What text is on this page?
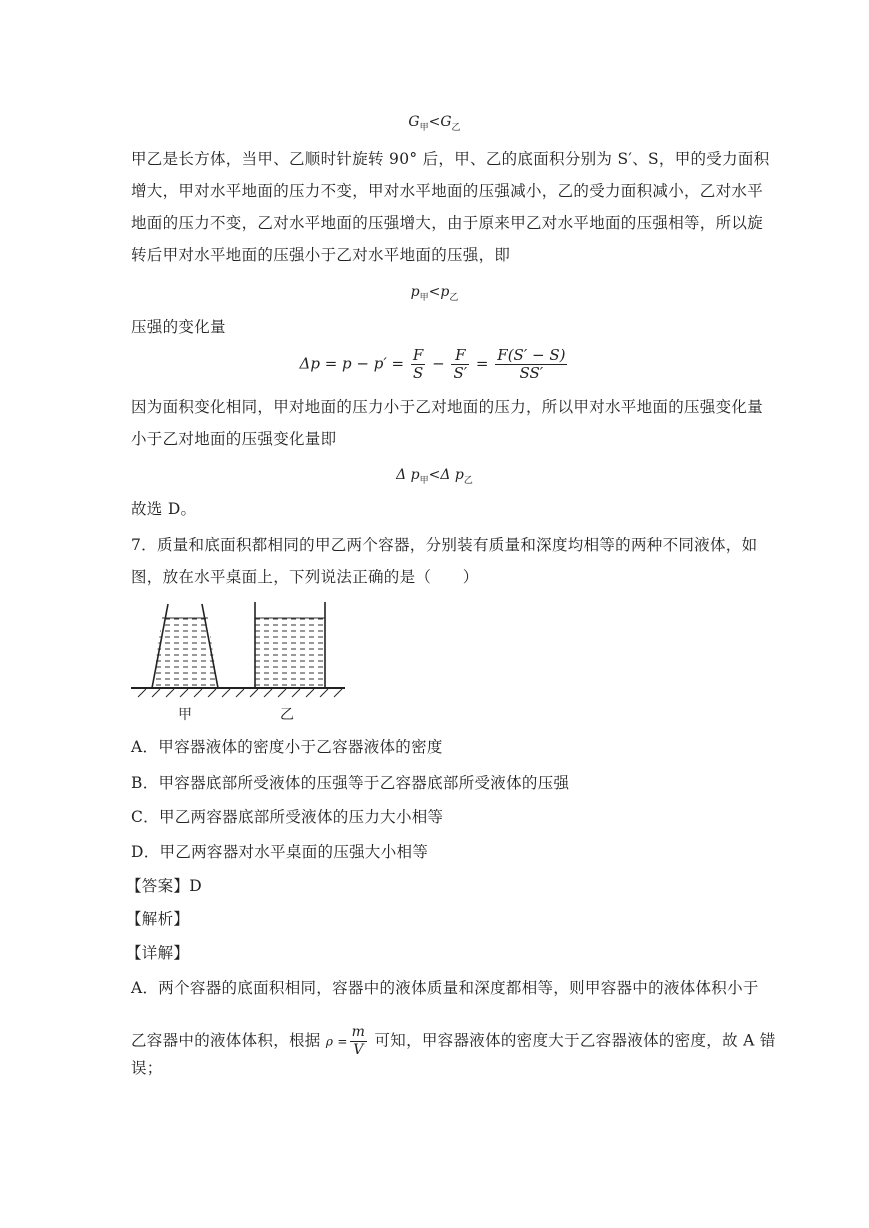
$G_甲<G_乙$
甲乙是长方体，当甲、乙顺时针旋转 90° 后，甲、乙的底面积分别为 S′、S，甲的受力面积
增大，甲对水平地面的压力不变，甲对水平地面的压强减小，乙的受力面积减小，乙对水平
地面的压力不变，乙对水平地面的压强增大，由于原来甲乙对水平地面的压强相等，所以旋
转后甲对水平地面的压强小于乙对水平地面的压强，即
$p_甲<p_乙$
压强的变化量
$\Delta p = p - p' = \frac{F}{S} - \frac{F}{S'} = \frac{F(S' - S)}{SS'}$
因为面积变化相同，甲对地面的压力小于乙对地面的压力，所以甲对水平地面的压强变化量
小于乙对地面的压强变化量即
Δ $p_甲<\Delta$ $p_乙$
故选 D。
7．质量和底面积都相同的甲乙两个容器，分别装有质量和深度均相等的两种不同液体，如
图，放在水平桌面上，下列说法正确的是（　　）
甲	乙
A．甲容器液体的密度小于乙容器液体的密度
B．甲容器底部所受液体的压强等于乙容器底部所受液体的压强
C．甲乙两容器底部所受液体的压力大小相等
D．甲乙两容器对水平桌面的压强大小相等
【答案】D
【解析】
【详解】
A．两个容器的底面积相同，容器中的液体质量和深度都相等，则甲容器中的液体体积小于
乙容器中的液体体积，根据 $\rho = \frac{m}{V}$ 可知，甲容器液体的密度大于乙容器液体的密度，故 A 错
误；
